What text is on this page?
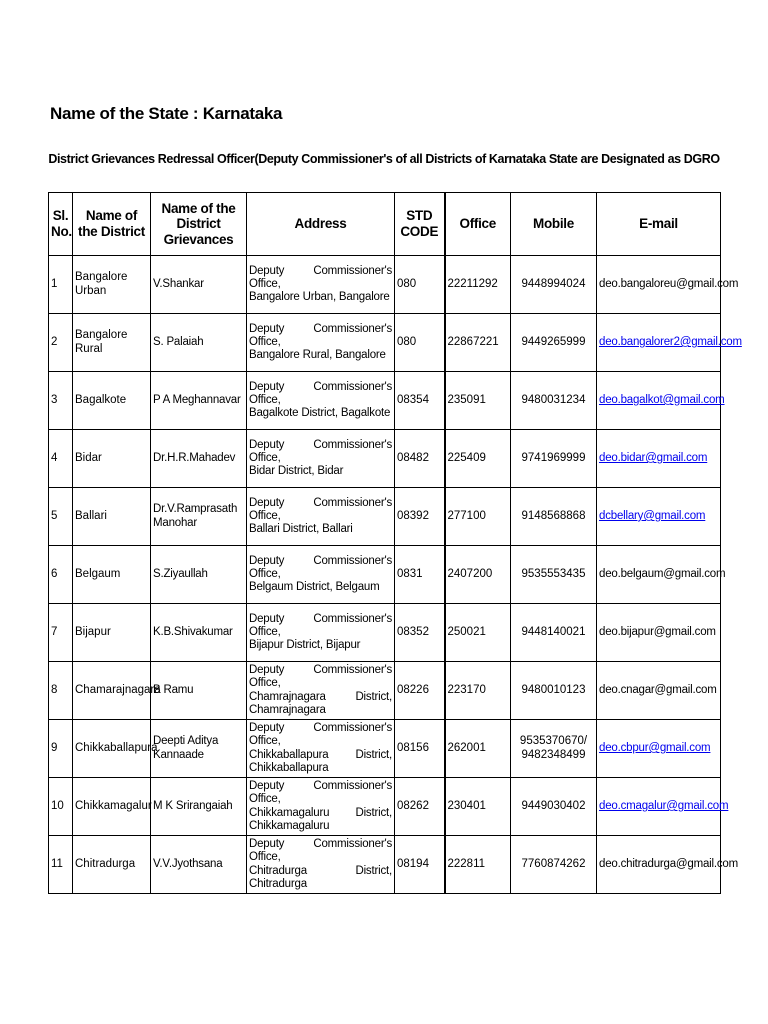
Name of the State : Karnataka
District Grievances Redressal Officer(Deputy Commissioner's of all Districts of Karnataka State are Designated as DGRO
Sl. No.	Name of the District	Name of the District Grievances	Address	STD CODE	Office	Mobile	E-mail
1	Bangalore Urban	V.Shankar	Deputy Commissioner's Office,
Bangalore Urban, Bangalore	080	22211292	9448994024	deo.bangaloreu@gmail.com
2	Bangalore Rural	S. Palaiah	Deputy Commissioner's Office,
Bangalore Rural, Bangalore	080	22867221	9449265999	deo.bangalorer2@gmail.com
3	Bagalkote	P A Meghannavar	Deputy Commissioner's Office,
Bagalkote District, Bagalkote	08354	235091	9480031234	deo.bagalkot@gmail.com
4	Bidar	Dr.H.R.Mahadev	Deputy Commissioner's Office,
Bidar District, Bidar	08482	225409	9741969999	deo.bidar@gmail.com
5	Ballari	Dr.V.Ramprasath Manohar	Deputy Commissioner's Office,
Ballari District, Ballari	08392	277100	9148568868	dcbellary@gmail.com
6	Belgaum	S.Ziyaullah	Deputy Commissioner's Office,
Belgaum District, Belgaum	0831	2407200	9535553435	deo.belgaum@gmail.com
7	Bijapur	K.B.Shivakumar	Deputy Commissioner's Office,
Bijapur District, Bijapur	08352	250021	9448140021	deo.bijapur@gmail.com
8	Chamarajnagara	B Ramu	Deputy Commissioner's Office,
Chamrajnagara District,
Chamrajnagara	08226	223170	9480010123	deo.cnagar@gmail.com
9	Chikkaballapura	Deepti Aditya Kannaade	Deputy Commissioner's Office,
Chikkaballapura District,
Chikkaballapura	08156	262001	9535370670/
9482348499	deo.cbpur@gmail.com
10	Chikkamagalur	M K Srirangaiah	Deputy Commissioner's Office,
Chikkamagaluru District,
Chikkamagaluru	08262	230401	9449030402	deo.cmagalur@gmail.com
11	Chitradurga	V.V.Jyothsana	Deputy Commissioner's Office,
Chitradurga District,
Chitradurga	08194	222811	7760874262	deo.chitradurga@gmail.com
